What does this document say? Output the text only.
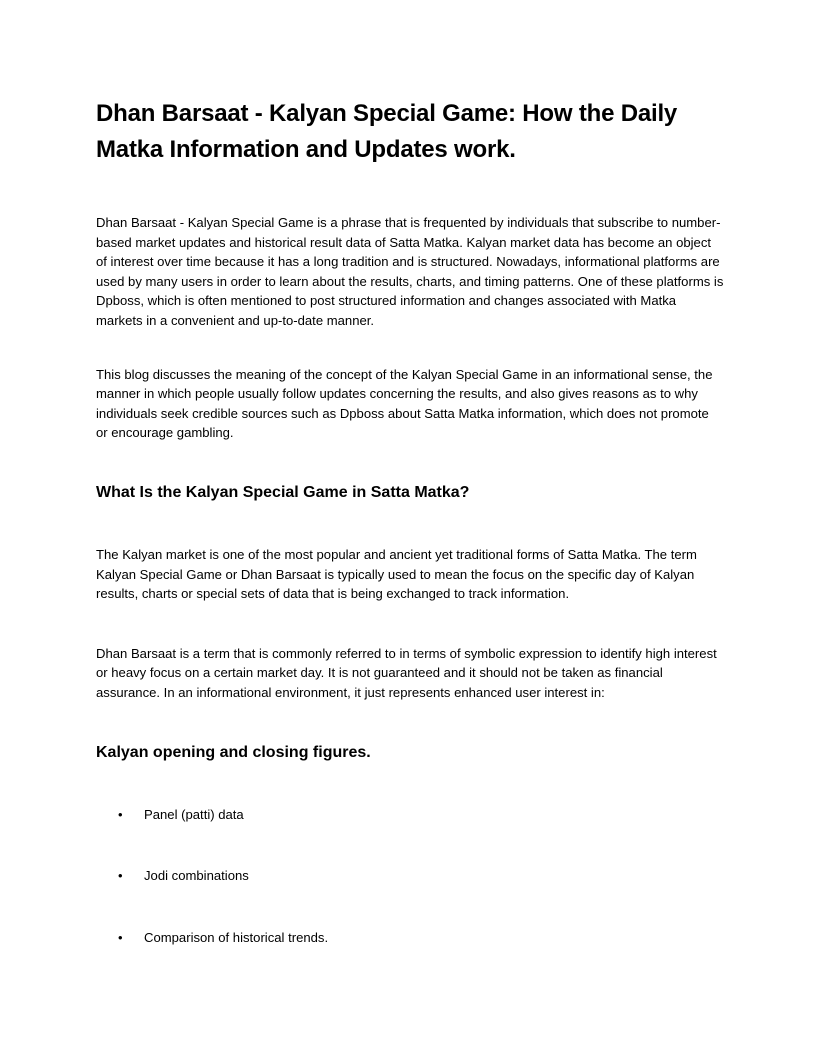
Dhan Barsaat - Kalyan Special Game: How the Daily Matka Information and Updates work.

Dhan Barsaat - Kalyan Special Game is a phrase that is frequented by individuals that subscribe to number-based market updates and historical result data of Satta Matka. Kalyan market data has become an object of interest over time because it has a long tradition and is structured. Nowadays, informational platforms are used by many users in order to learn about the results, charts, and timing patterns. One of these platforms is Dpboss, which is often mentioned to post structured information and changes associated with Matka markets in a convenient and up-to-date manner.

This blog discusses the meaning of the concept of the Kalyan Special Game in an informational sense, the manner in which people usually follow updates concerning the results, and also gives reasons as to why individuals seek credible sources such as Dpboss about Satta Matka information, which does not promote or encourage gambling.

What Is the Kalyan Special Game in Satta Matka?

The Kalyan market is one of the most popular and ancient yet traditional forms of Satta Matka. The term Kalyan Special Game or Dhan Barsaat is typically used to mean the focus on the specific day of Kalyan results, charts or special sets of data that is being exchanged to track information.

Dhan Barsaat is a term that is commonly referred to in terms of symbolic expression to identify high interest or heavy focus on a certain market day. It is not guaranteed and it should not be taken as financial assurance. In an informational environment, it just represents enhanced user interest in:

Kalyan opening and closing figures.
• Panel (patti) data
• Jodi combinations
• Comparison of historical trends.
